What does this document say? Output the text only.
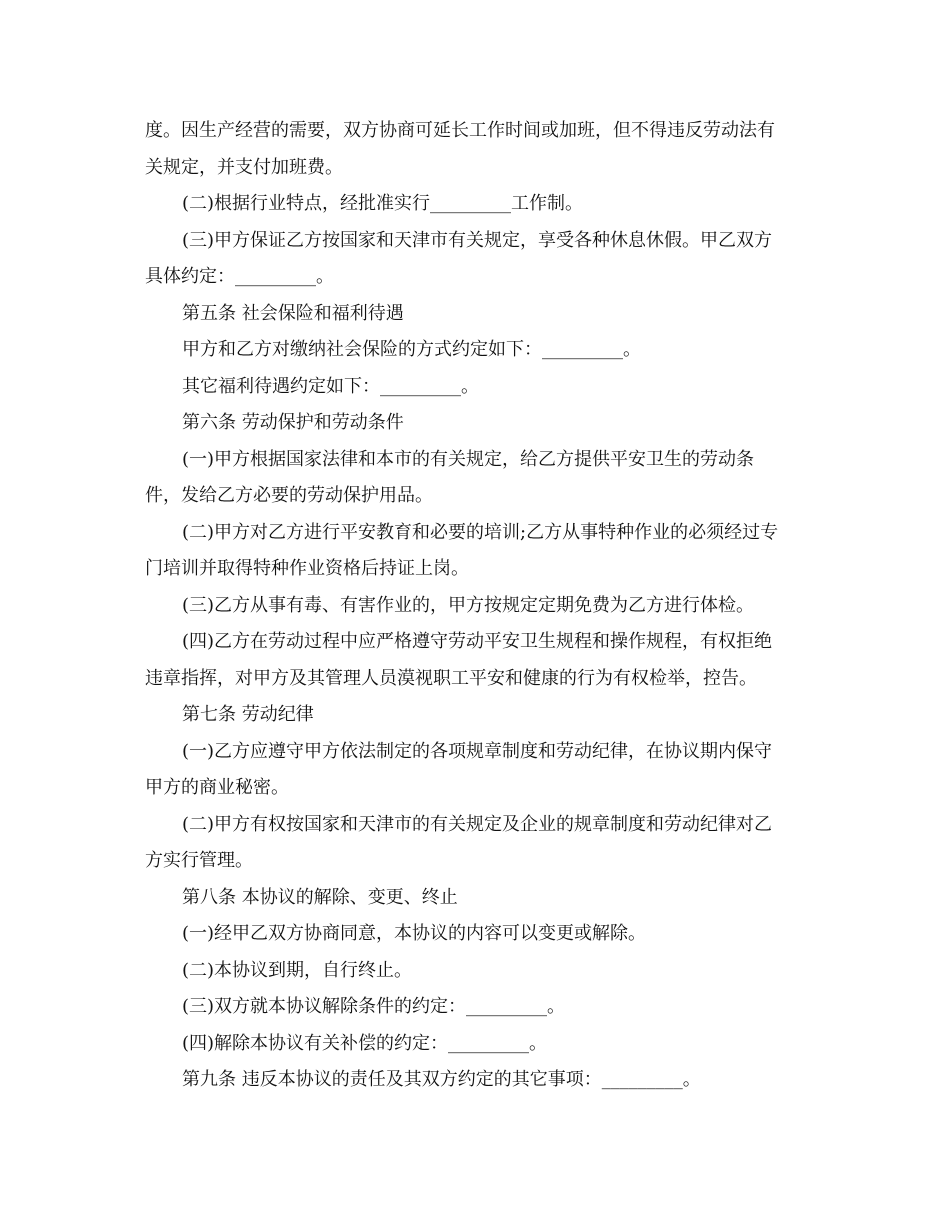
度。因生产经营的需要，双方协商可延长工作时间或加班，但不得违反劳动法有

关规定，并支付加班费。

(二)根据行业特点，经批准实行_________工作制。

(三)甲方保证乙方按国家和天津市有关规定，享受各种休息休假。甲乙双方

具体约定：_________。

第五条 社会保险和福利待遇

甲方和乙方对缴纳社会保险的方式约定如下：_________。

其它福利待遇约定如下：_________。

第六条 劳动保护和劳动条件

(一)甲方根据国家法律和本市的有关规定，给乙方提供平安卫生的劳动条

件，发给乙方必要的劳动保护用品。

(二)甲方对乙方进行平安教育和必要的培训;乙方从事特种作业的必须经过专

门培训并取得特种作业资格后持证上岗。

(三)乙方从事有毒、有害作业的，甲方按规定定期免费为乙方进行体检。

(四)乙方在劳动过程中应严格遵守劳动平安卫生规程和操作规程，有权拒绝

违章指挥，对甲方及其管理人员漠视职工平安和健康的行为有权检举，控告。

第七条 劳动纪律

(一)乙方应遵守甲方依法制定的各项规章制度和劳动纪律，在协议期内保守

甲方的商业秘密。

(二)甲方有权按国家和天津市的有关规定及企业的规章制度和劳动纪律对乙

方实行管理。

第八条 本协议的解除、变更、终止

(一)经甲乙双方协商同意，本协议的内容可以变更或解除。

(二)本协议到期，自行终止。

(三)双方就本协议解除条件的约定：_________。

(四)解除本协议有关补偿的约定：_________。

第九条 违反本协议的责任及其双方约定的其它事项：_________。
